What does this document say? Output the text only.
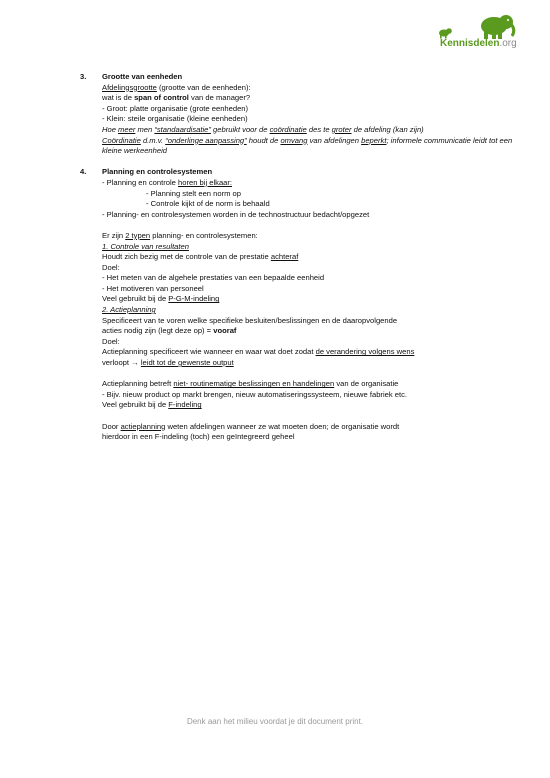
Kennisdelen.org
3. Grootte van eenheden
Afdelingsgrootte (grootte van de eenheden):
wat is de span of control van de manager?
- Groot: platte organisatie (grote eenheden)
- Klein: steile organisatie (kleine eenheden)
Hoe meer men “standaardisatie” gebruikt voor de coördinatie des te groter de afdeling (kan zijn)
Coördinatie d.m.v. “onderlinge aanpassing” houdt de omvang van afdelingen beperkt; informele communicatie leidt tot een kleine werkeenheid
4. Planning en controlesystemen
- Planning en controle horen bij elkaar:
- Planning stelt een norm op
- Controle kijkt of de norm is behaald
- Planning- en controlesystemen worden in de technostructuur bedacht/opgezet
Er zijn 2 typen planning- en controlesystemen:
1. Controle van resultaten
Houdt zich bezig met de controle van de prestatie achteraf
Doel:
- Het meten van de algehele prestaties van een bepaalde eenheid
- Het motiveren van personeel
Veel gebruikt bij de P-G-M-indeling
2. Actieplanning
Specificeert van te voren welke specifieke besluiten/beslissingen en de daaropvolgende
acties nodig zijn (legt deze op) = vooraf
Doel:
Actieplanning specificeert wie wanneer en waar wat doet zodat de verandering volgens wens
verloopt → leidt tot de gewenste output
Actieplanning betreft niet- routinematige beslissingen en handelingen van de organisatie
- Bijv. nieuw product op markt brengen, nieuw automatiseringssysteem, nieuwe fabriek etc.
Veel gebruikt bij de F-indeling
Door actieplanning weten afdelingen wanneer ze wat moeten doen; de organisatie wordt
hierdoor in een F-indeling (toch) een geïntegreerd geheel
Denk aan het milieu voordat je dit document print.
